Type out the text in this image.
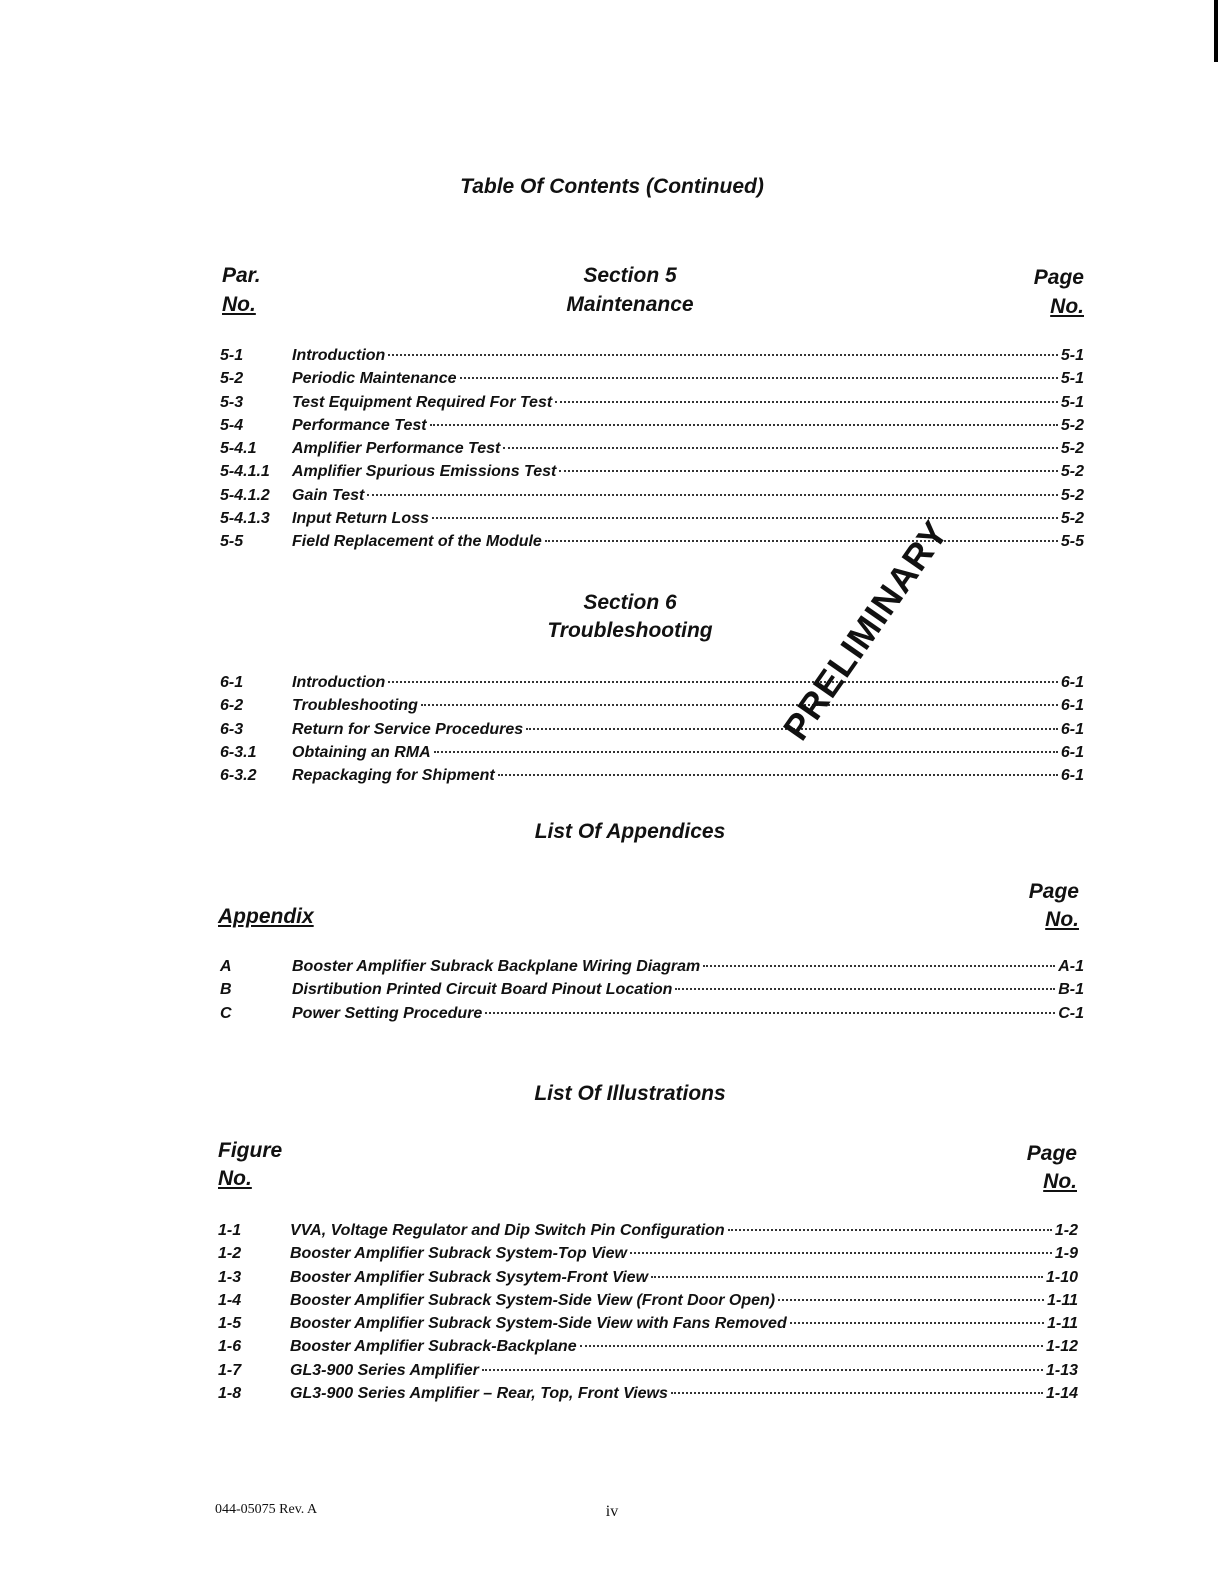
Table Of Contents (Continued)
Par.
No.
Section 5
Maintenance
Page
No.
5-1	Introduction	5-1
5-2	Periodic Maintenance	5-1
5-3	Test Equipment Required For Test	5-1
5-4	Performance Test	5-2
5-4.1	Amplifier Performance Test	5-2
5-4.1.1	Amplifier Spurious Emissions Test	5-2
5-4.1.2	Gain Test	5-2
5-4.1.3	Input Return Loss	5-2
5-5	Field Replacement of the Module	5-5
Section 6
Troubleshooting
6-1	Introduction	6-1
6-2	Troubleshooting	6-1
6-3	Return for Service Procedures	6-1
6-3.1	Obtaining an RMA	6-1
6-3.2	Repackaging for Shipment	6-1
PRELIMINARY
List Of Appendices
Page
No.
Appendix
A	Booster Amplifier Subrack Backplane Wiring Diagram	A-1
B	Disrtibution Printed Circuit Board Pinout Location	B-1
C	Power Setting Procedure	C-1
List Of Illustrations
Figure
No.
Page
No.
1-1	VVA, Voltage Regulator and Dip Switch Pin Configuration	1-2
1-2	Booster Amplifier Subrack System-Top View	1-9
1-3	Booster Amplifier Subrack Sysytem-Front View	1-10
1-4	Booster Amplifier Subrack System-Side View (Front Door Open)	1-11
1-5	Booster Amplifier Subrack System-Side View with Fans Removed	1-11
1-6	Booster Amplifier Subrack-Backplane	1-12
1-7	GL3-900 Series Amplifier	1-13
1-8	GL3-900 Series Amplifier – Rear, Top, Front Views	1-14
044-05075 Rev. A	iv
